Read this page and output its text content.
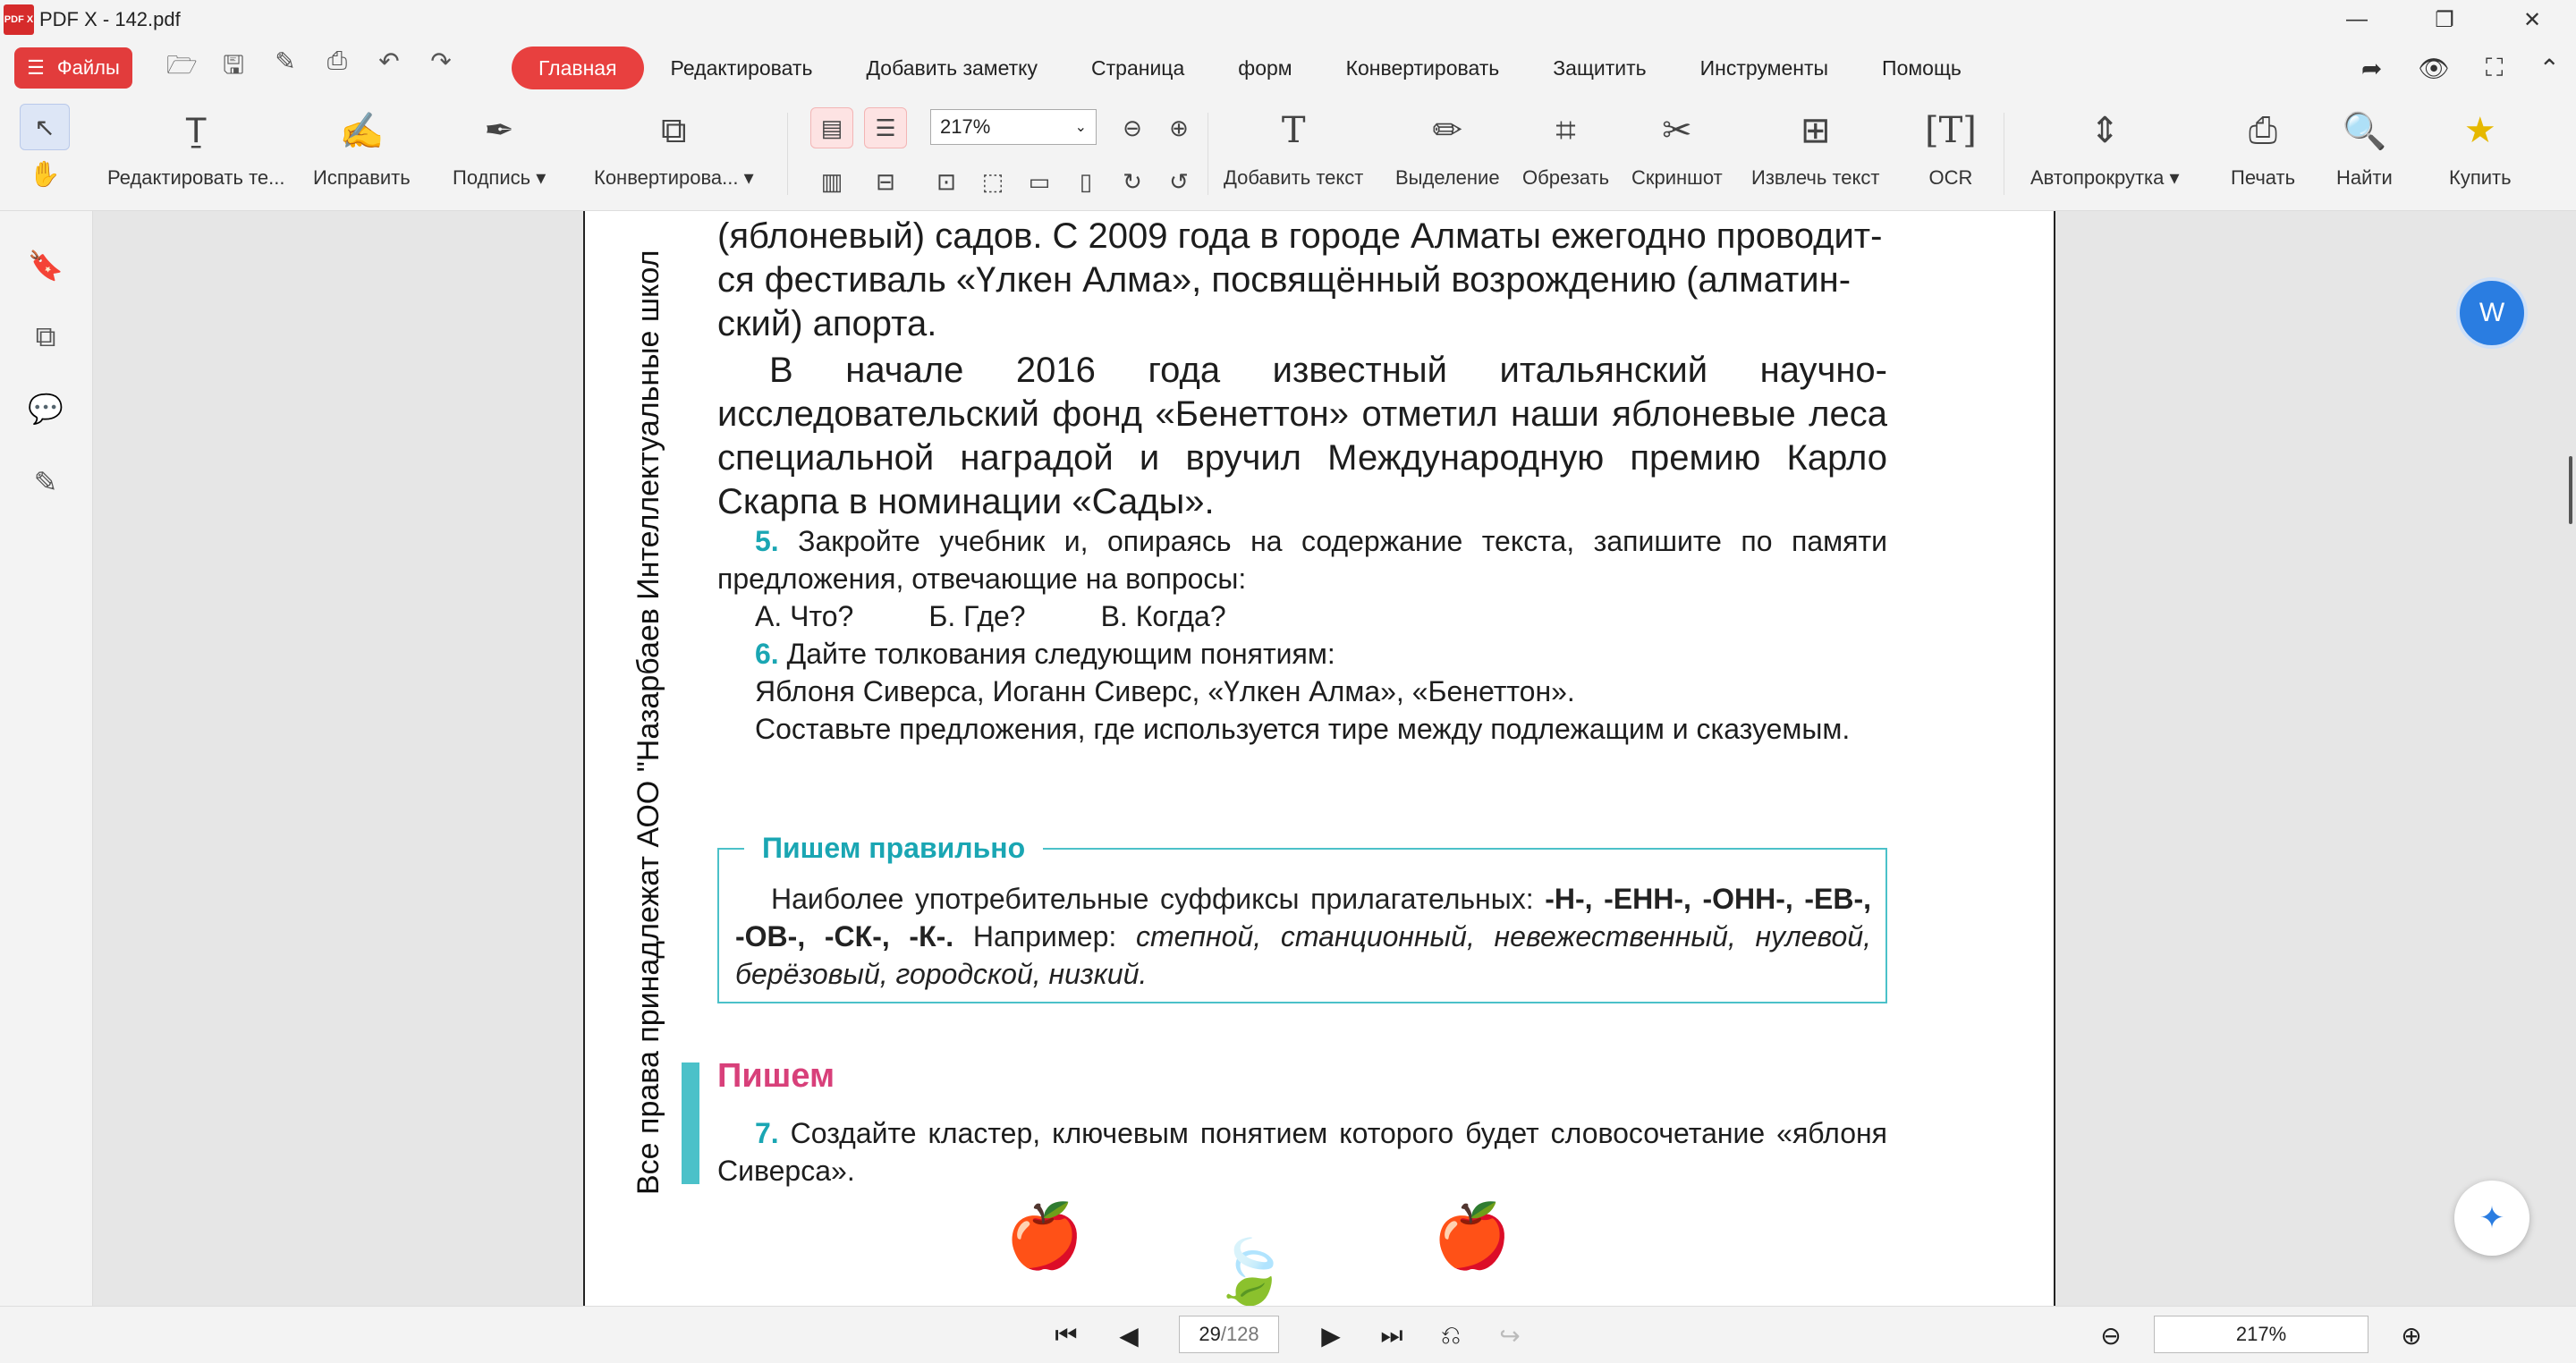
PDF X PDF X - 142.pdf	—	❐	✕
☰ Файлы 🗁 🖫 ✎ ⎙ ↶ ↷	Главная	Редактировать	Добавить заметку	Страница	форм	Конвертировать	Защитить	Инструменты	Помощь	➦ 👁 ⛶ ⌃
↖
✋
Ṯ
Редактировать те...
✍
Исправить
✒
Подпись ▾
⧉
Конвертирова... ▾
▤	☰
▥	⊟	⊡	⬚	▭	▯	↻	↺
⊖	⊕
217%	⌄	T
Добавить текст
✏
Выделение
⌗
Обрезать
✂
Скриншот
⊞
Извлечь текст
[T]
OCR
⇕
Автопрокрутка ▾
⎙
Печать
🔍
Найти
★
Купить
🔖
⧉
💬
✎	Все права принадлежат АОО "Назарбаев Интеллектуальные школ
(яблоневый) садов. С 2009 года в городе Алматы ежегодно проводит-
ся фестиваль «Үлкен Алма», посвящённый возрождению (алматин-
ский) апорта.
В начале 2016 года известный итальянский научно-исследовательский фонд «Бенеттон» отметил наши яблоневые леса специальной наградой и вручил Международную премию Карло Скарпа в номинации «Сады».
5. Закройте учебник и, опираясь на содержание текста, запишите по памяти предложения, отвечающие на вопросы:
А. Что?	Б. Где?	В. Когда?
6. Дайте толкования следующим понятиям:
Яблоня Сиверса, Иоганн Сиверс, «Үлкен Алма», «Бенеттон».
Составьте предложения, где используется тире между подлежащим и сказуемым.
Пишем правильно
Наиболее употребительные суффиксы прилагательных: -Н-, -ЕНН-, -ОНН-, -ЕВ-, -ОВ-, -СК-, -К-. Например: степной, станционный, невежественный, нулевой, берёзовый, городской, низкий.
Пишем
7. Создайте кластер, ключевым понятием которого будет словосочетание «яблоня Сиверса».
🍎
🍃
🍎
W
✦
⏮	◀	29 /128	▶	⏭	⎌	↪	⊖	217%	⊕
